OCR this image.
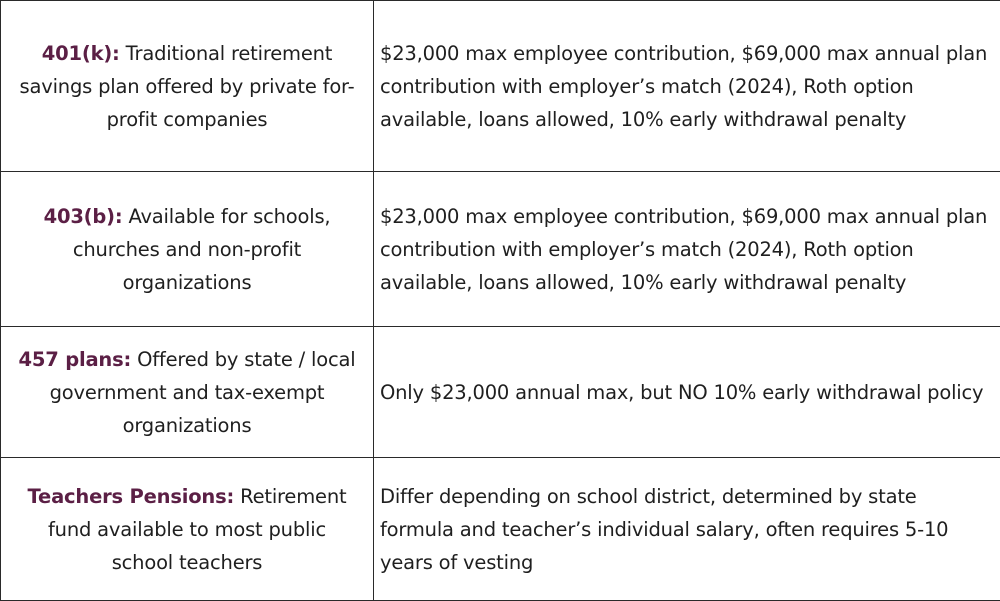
401(k): Traditional retirement savings plan offered by private for-profit companies	$23,000 max employee contribution, $69,000 max annual plan contribution with employer’s match (2024), Roth option available, loans allowed, 10% early withdrawal penalty
403(b): Available for schools, churches and non-profit organizations	$23,000 max employee contribution, $69,000 max annual plan contribution with employer’s match (2024), Roth option available, loans allowed, 10% early withdrawal penalty
457 plans: Offered by state / local government and tax-exempt organizations	Only $23,000 annual max, but NO 10% early withdrawal policy
Teachers Pensions: Retirement fund available to most public school teachers	Differ depending on school district, determined by state formula and teacher’s individual salary, often requires 5-10 years of vesting
